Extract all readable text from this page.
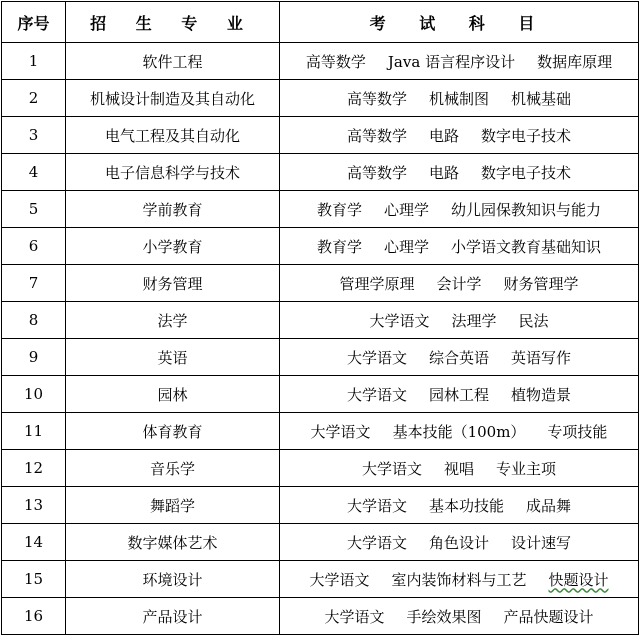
序号	招 生 专 业	考 试 科 目
1	软件工程	高等数学 Java 语言程序设计 数据库原理
2	机械设计制造及其自动化	高等数学 机械制图 机械基础
3	电气工程及其自动化	高等数学 电路 数字电子技术
4	电子信息科学与技术	高等数学 电路 数字电子技术
5	学前教育	教育学 心理学 幼儿园保教知识与能力
6	小学教育	教育学 心理学 小学语文教育基础知识
7	财务管理	管理学原理 会计学 财务管理学
8	法学	大学语文 法理学 民法
9	英语	大学语文 综合英语 英语写作
10	园林	大学语文 园林工程 植物造景
11	体育教育	大学语文 基本技能（100m） 专项技能
12	音乐学	大学语文 视唱 专业主项
13	舞蹈学	大学语文 基本功技能 成品舞
14	数字媒体艺术	大学语文 角色设计 设计速写
15	环境设计	大学语文 室内装饰材料与工艺 快题设计
16	产品设计	大学语文 手绘效果图 产品快题设计
